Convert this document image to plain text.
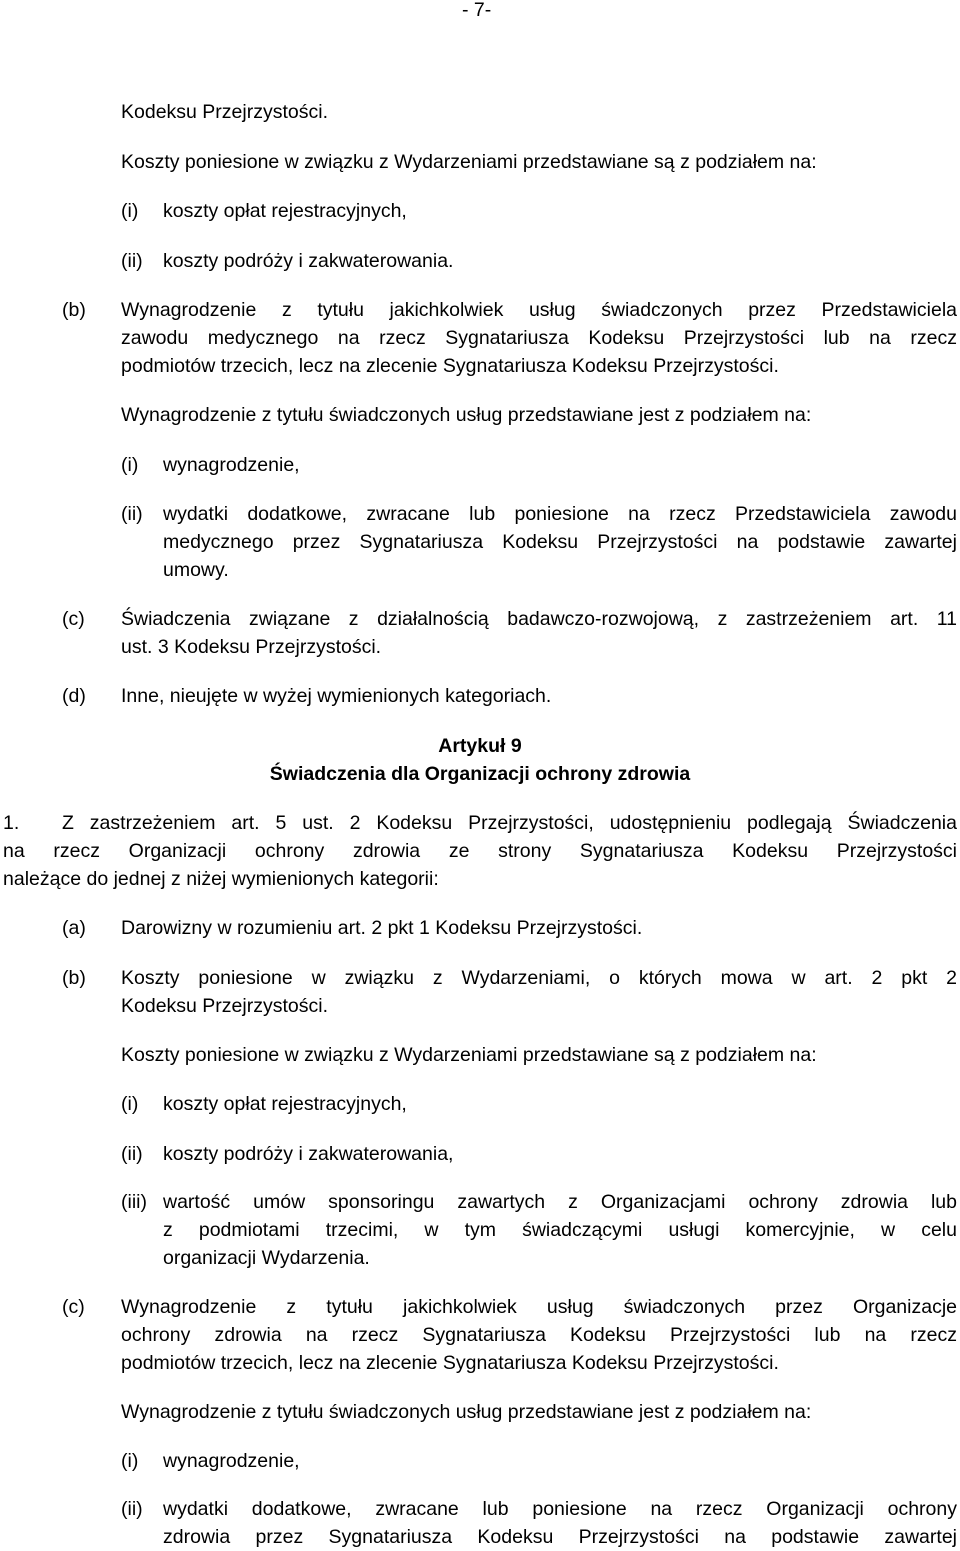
- 7-
Kodeksu Przejrzystości.
Koszty poniesione w związku z Wydarzeniami przedstawiane są z podziałem na:
(i) koszty opłat rejestracyjnych,
(ii) koszty podróży i zakwaterowania.
(b) Wynagrodzenie z tytułu jakichkolwiek usług świadczonych przez Przedstawiciela
zawodu medycznego na rzecz Sygnatariusza Kodeksu Przejrzystości lub na rzecz
podmiotów trzecich, lecz na zlecenie Sygnatariusza Kodeksu Przejrzystości.
Wynagrodzenie z tytułu świadczonych usług przedstawiane jest z podziałem na:
(i) wynagrodzenie,
(ii) wydatki dodatkowe, zwracane lub poniesione na rzecz Przedstawiciela zawodu
medycznego przez Sygnatariusza Kodeksu Przejrzystości na podstawie zawartej
umowy.
(c) Świadczenia związane z działalnością badawczo-rozwojową, z zastrzeżeniem art. 11
ust. 3 Kodeksu Przejrzystości.
(d) Inne, nieujęte w wyżej wymienionych kategoriach.
Artykuł 9
Świadczenia dla Organizacji ochrony zdrowia
1. Z zastrzeżeniem art. 5 ust. 2 Kodeksu Przejrzystości, udostępnieniu podlegają Świadczenia
na rzecz Organizacji ochrony zdrowia ze strony Sygnatariusza Kodeksu Przejrzystości
należące do jednej z niżej wymienionych kategorii:
(a) Darowizny w rozumieniu art. 2 pkt 1 Kodeksu Przejrzystości.
(b) Koszty poniesione w związku z Wydarzeniami, o których mowa w art. 2 pkt 2
Kodeksu Przejrzystości.
Koszty poniesione w związku z Wydarzeniami przedstawiane są z podziałem na:
(i) koszty opłat rejestracyjnych,
(ii) koszty podróży i zakwaterowania,
(iii) wartość umów sponsoringu zawartych z Organizacjami ochrony zdrowia lub
z podmiotami trzecimi, w tym świadczącymi usługi komercyjnie, w celu
organizacji Wydarzenia.
(c) Wynagrodzenie z tytułu jakichkolwiek usług świadczonych przez Organizacje
ochrony zdrowia na rzecz Sygnatariusza Kodeksu Przejrzystości lub na rzecz
podmiotów trzecich, lecz na zlecenie Sygnatariusza Kodeksu Przejrzystości.
Wynagrodzenie z tytułu świadczonych usług przedstawiane jest z podziałem na:
(i) wynagrodzenie,
(ii) wydatki dodatkowe, zwracane lub poniesione na rzecz Organizacji ochrony
zdrowia przez Sygnatariusza Kodeksu Przejrzystości na podstawie zawartej
